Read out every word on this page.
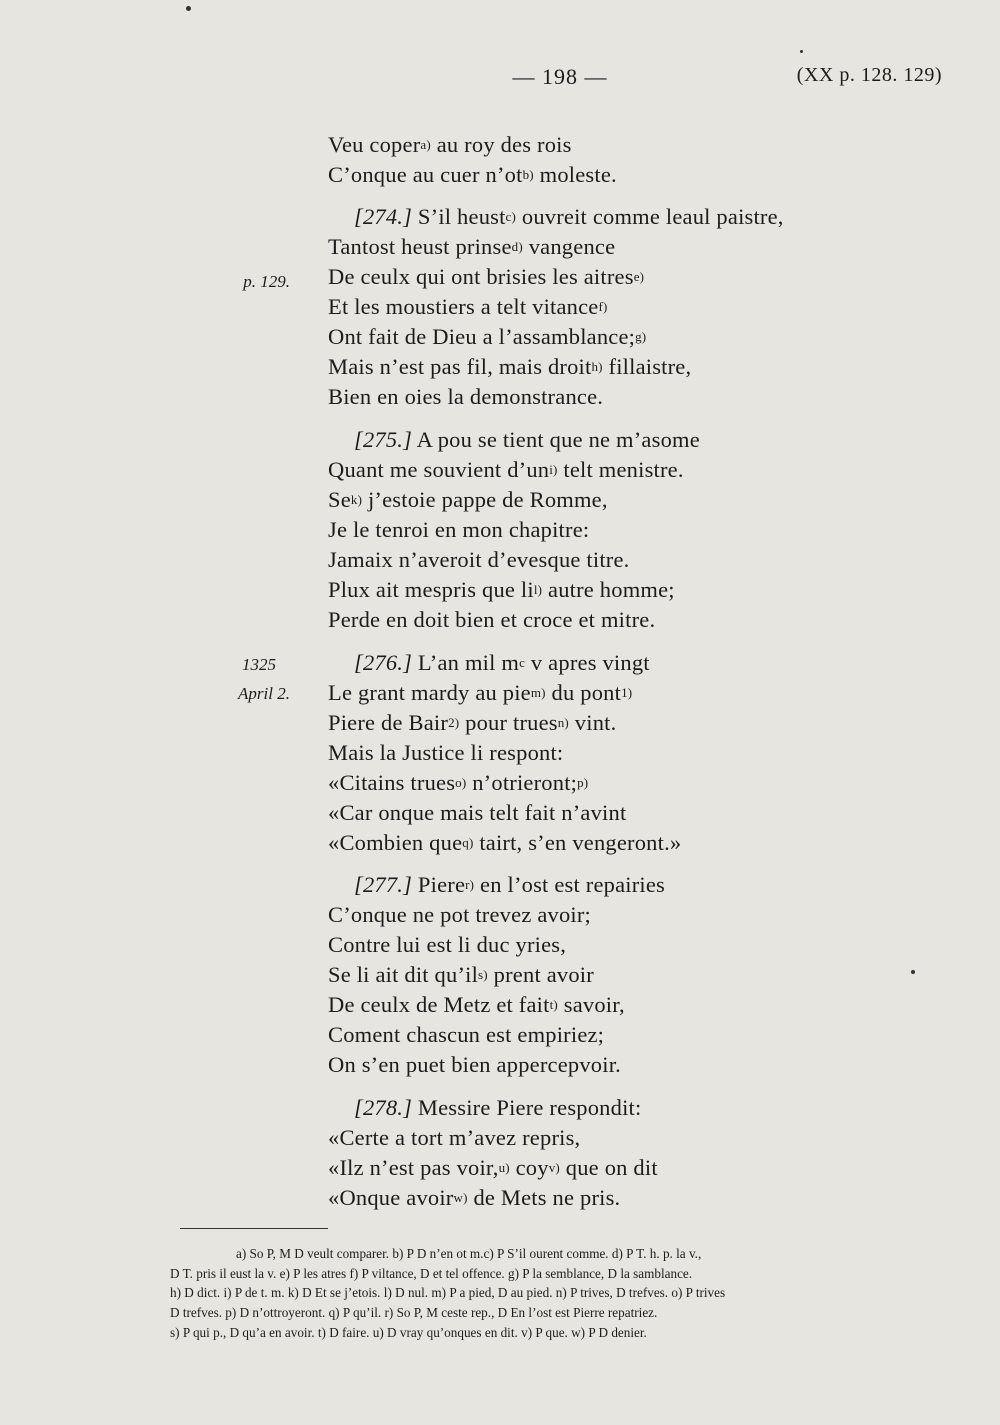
— 198 —	(XX p. 128. 129)
p. 129.
1325
April 2.
Veu coper$^{a)}$ au roy des rois
C’onque au cuer $n’ot^{b)}$ moleste.
[274.] S’il heust$^{c)}$ ouvreit comme leaul paistre,
Tantost heust prinse$^{d)}$ vangence
De ceulx qui ont brisies les aitres$^{e)}$
Et les moustiers a telt vitance$^{f)}$
Ont fait de Dieu a l’assamblance;$^{g)}$
Mais n’est pas fil, mais droit$^{h)}$ fillaistre,
Bien en oies la demonstrance.
[275.] A pou se tient que ne m’asome
Quant me souvient $d’un^{i)}$ telt menistre.
Se$^{k)}$ j’estoie pappe de Romme,
Je le tenroi en mon chapitre:
Jamaix n’averoit d’evesque titre.
Plux ait mespris que $li^{l)}$ autre homme;
Perde en doit bien et croce et mitre.
[276.] L’an mil $m^c$ v apres vingt
Le grant mardy au pie$^{m)}$ du pont$^{1)}$
Piere de Bair$^{2)}$ pour trues$^{n)}$ vint.
Mais la Justice li respont:
«Citains trues$^{o)}$ n’otrieront;$^{p)}$
«Car onque mais telt fait n’avint
«Combien que$^{q)}$ tairt, s’en vengeront.»
[277.] Piere$^{r)}$ en l’ost est repairies
C’onque ne pot trevez avoir;
Contre lui est li duc yries,
Se li ait dit $qu’il^{s)}$ prent avoir
De ceulx de Metz et fait$^{t)}$ savoir,
Coment chascun est empiriez;
On s’en puet bien appercepvoir.
[278.] Messire Piere respondit:
«Certe a tort m’avez repris,
«Ilz n’est pas voir,$^{u)}$ coy$^{v)}$ que on dit
«Onque avoir$^{w)}$ de Mets ne pris.
a) So P, M D veult comparer. b) P D n’en ot m.c) P S’il ourent comme. d) P T. h. p. la v.,
D T. pris il eust la v. e) P les atres f) P viltance, D et tel offence. g) P la semblance, D la samblance.
h) D dict. i) P de t. m. k) D Et se j’etois. l) D nul. m) P a pied, D au pied. n) P trives, D trefves. o) P trives
D trefves. p) D n’ottroyeront. q) P qu’il. r) So P, M ceste rep., D En l’ost est Pierre repatriez.
s) P qui p., D qu’a en avoir. t) D faire. u) D vray qu’onques en dit. v) P que. w) P D denier.
